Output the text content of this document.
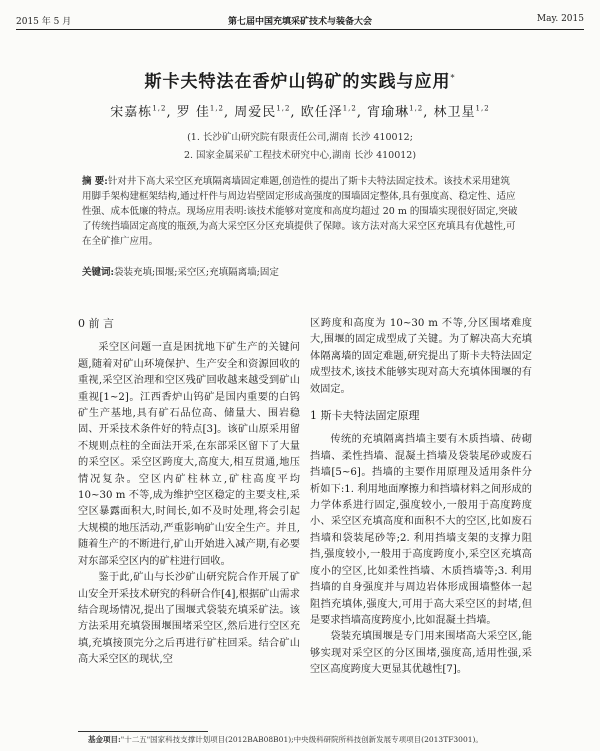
2015 年 5 月	第七届中国充填采矿技术与装备大会	May. 2015
斯卡夫特法在香炉山钨矿的实践与应用*
宋嘉栋$^{1,2}$, 罗 佳$^{1,2}$, 周爱民$^{1,2}$, 欧任泽$^{1,2}$, 宵瑜琳$^{1,2}$, 林卫星$^{1,2}$
(1. 长沙矿山研究院有限责任公司,湖南 长沙 410012;
2. 国家金属采矿工程技术研究中心,湖南 长沙 410012)
摘 要:针对井下高大采空区充填隔离墙固定难题,创造性的提出了斯卡夫特法固定技术。该技术采用建筑用脚手架构建框架结构,通过杆件与周边岩壁固定形成高强度的围墙固定整体,具有强度高、稳定性、适应性强、成本低廉的特点。现场应用表明:该技术能够对宽度和高度均超过 20 m 的围墙实现很好固定,突破了传统挡墙固定高度的瓶颈,为高大采空区分区充填提供了保障。该方法对高大采空区充填具有优越性,可在全矿推广应用。
关键词:袋装充填;围堰;采空区;充填隔离墙;固定

0 前 言

采空区问题一直是困扰地下矿生产的关键问题,随着对矿山环境保护、生产安全和资源回收的重视,采空区治理和空区残矿回收越来越受到矿山重视[1~2]。江西香炉山钨矿是国内重要的白钨矿生产基地,具有矿石品位高、储量大、围岩稳固、开采技术条件好的特点[3]。该矿山原采用留不规则点柱的全面法开采,在东部采区留下了大量的采空区。采空区跨度大,高度大,相互贯通,地压情况复杂。空区内矿柱林立,矿柱高度平均 10~30 m 不等,成为维护空区稳定的主要支柱,采空区暴露面积大,时间长,如不及时处理,将会引起大规模的地压活动,严重影响矿山安全生产。并且,随着生产的不断进行,矿山开始进入减产期,有必要对东部采空区内的矿柱进行回收。

鉴于此,矿山与长沙矿山研究院合作开展了矿山安全开采技术研究的科研合作[4],根据矿山需求结合现场情况,提出了围堰式袋装充填采矿法。该方法采用充填袋围堰围堵采空区,然后进行空区充填,充填接顶完分之后再进行矿柱回采。结合矿山高大采空区的现状,空

区跨度和高度为 10~30 m 不等,分区围堵难度大,围堰的固定成型成了关键。为了解决高大充填体隔离墙的固定难题,研究提出了斯卡夫特法固定成型技术,该技术能够实现对高大充填体围堰的有效固定。

1 斯卡夫特法固定原理

传统的充填隔离挡墙主要有木质挡墙、砖砌挡墙、柔性挡墙、混凝土挡墙及袋装尾砂或废石挡墙[5~6]。挡墙的主要作用原理及适用条件分析如下:1. 利用地面摩擦力和挡墙材料之间形成的力学体系进行固定,强度较小,一般用于高度跨度小、采空区充填高度和面积不大的空区,比如废石挡墙和袋装尾砂等;2. 利用挡墙支架的支撑力阻挡,强度较小,一般用于高度跨度小,采空区充填高度小的空区,比如柔性挡墙、木质挡墙等;3. 利用挡墙的自身强度并与周边岩体形成围墙整体一起阻挡充填体,强度大,可用于高大采空区的封堵,但是要求挡墙高度跨度小,比如混凝土挡墙。

袋装充填围堰是专门用来围堵高大采空区,能够实现对采空区的分区围堵,强度高,适用性强,采空区高度跨度大更显其优越性[7]。

基金项目:"十二五"国家科技支撑计划项目(2012BAB08B01);中央级科研院所科技创新发展专项项目(2013TF3001)。
